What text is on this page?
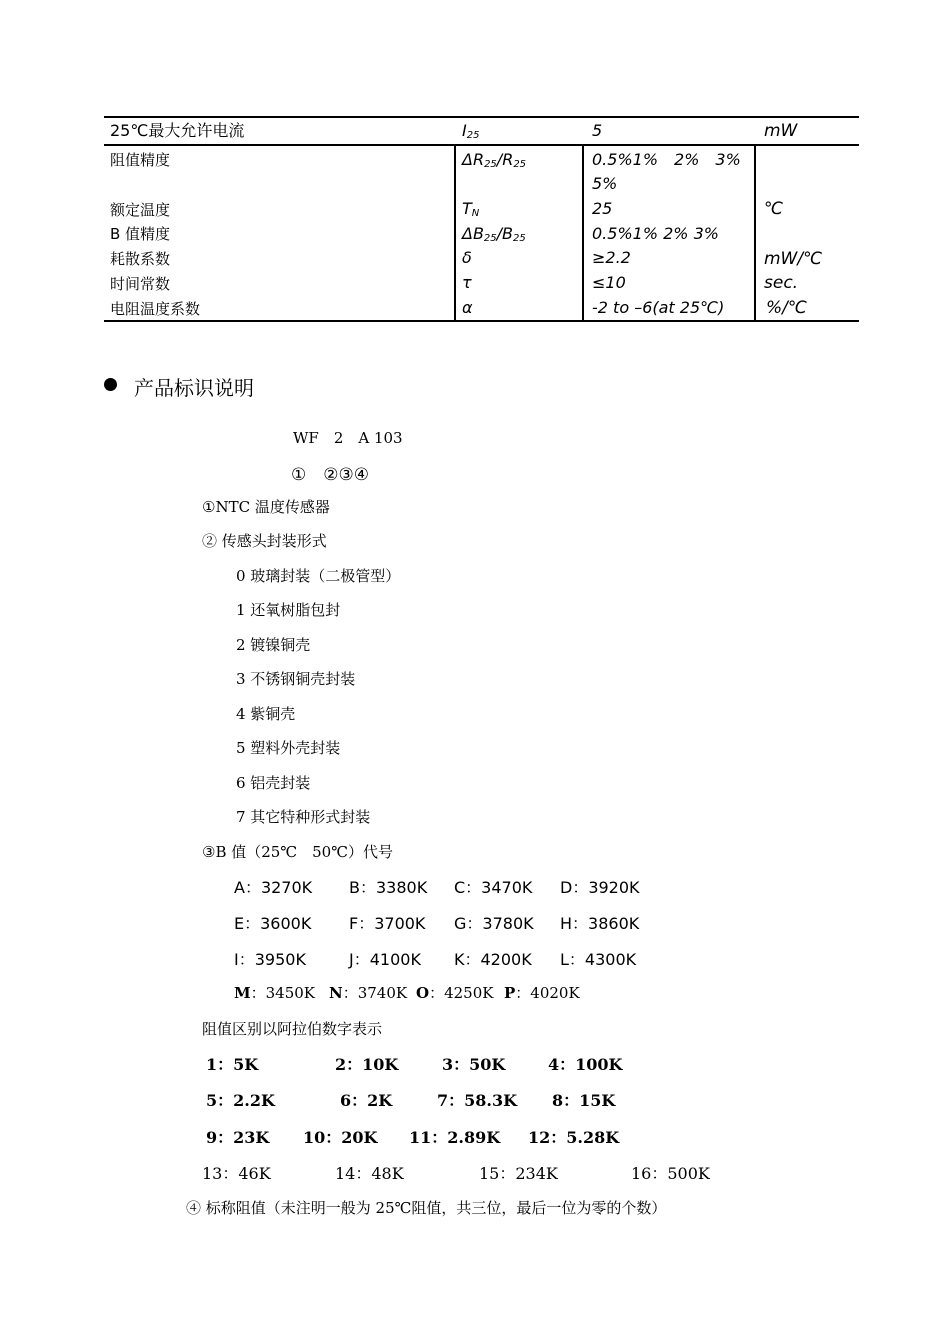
25℃最大允许电流	$I_{25}$	5	mW
阻值精度	$\Delta R_{25}/R_{25}$	0.5%1%　2%　3%
5%
额定温度	$T_N$	25	℃
B 值精度	$\Delta B_{25}/B_{25}$	0.5%1% 2% 3%
耗散系数	δ	≥2.2	mW/℃
时间常数	τ	≤10	sec.
电阻温度系数	α	-2 to –6(at 25℃) %/℃
产品标识说明
WF　2　A 103
①　②③④
①NTC 温度传感器
② 传感头封装形式
0 玻璃封装（二极管型）
1 还氧树脂包封
2 镀镍铜壳
3 不锈钢铜壳封装
4 紫铜壳
5 塑料外壳封装
6 铝壳封装
7 其它特种形式封装
③B 值（25℃　50℃）代号
A：3270K B：3380K C：3470K D：3920K
E：3600K F：3700K G：3780K H：3860K
I：3950K	J：4100K K：4200K L：4300K
M：3450K N：3740K O：4250K P：4020K
阻值区别以阿拉伯数字表示
1：5K	2：10K	3：50K	4：100K
5：2.2K	6：2K	7：58.3K 8：15K
9：23K 10：20K 11：2.89K 12：5.28K
13：46K	14：48K	15：234K	16：500K
④ 标称阻值（未注明一般为 25℃阻值，共三位，最后一位为零的个数）
